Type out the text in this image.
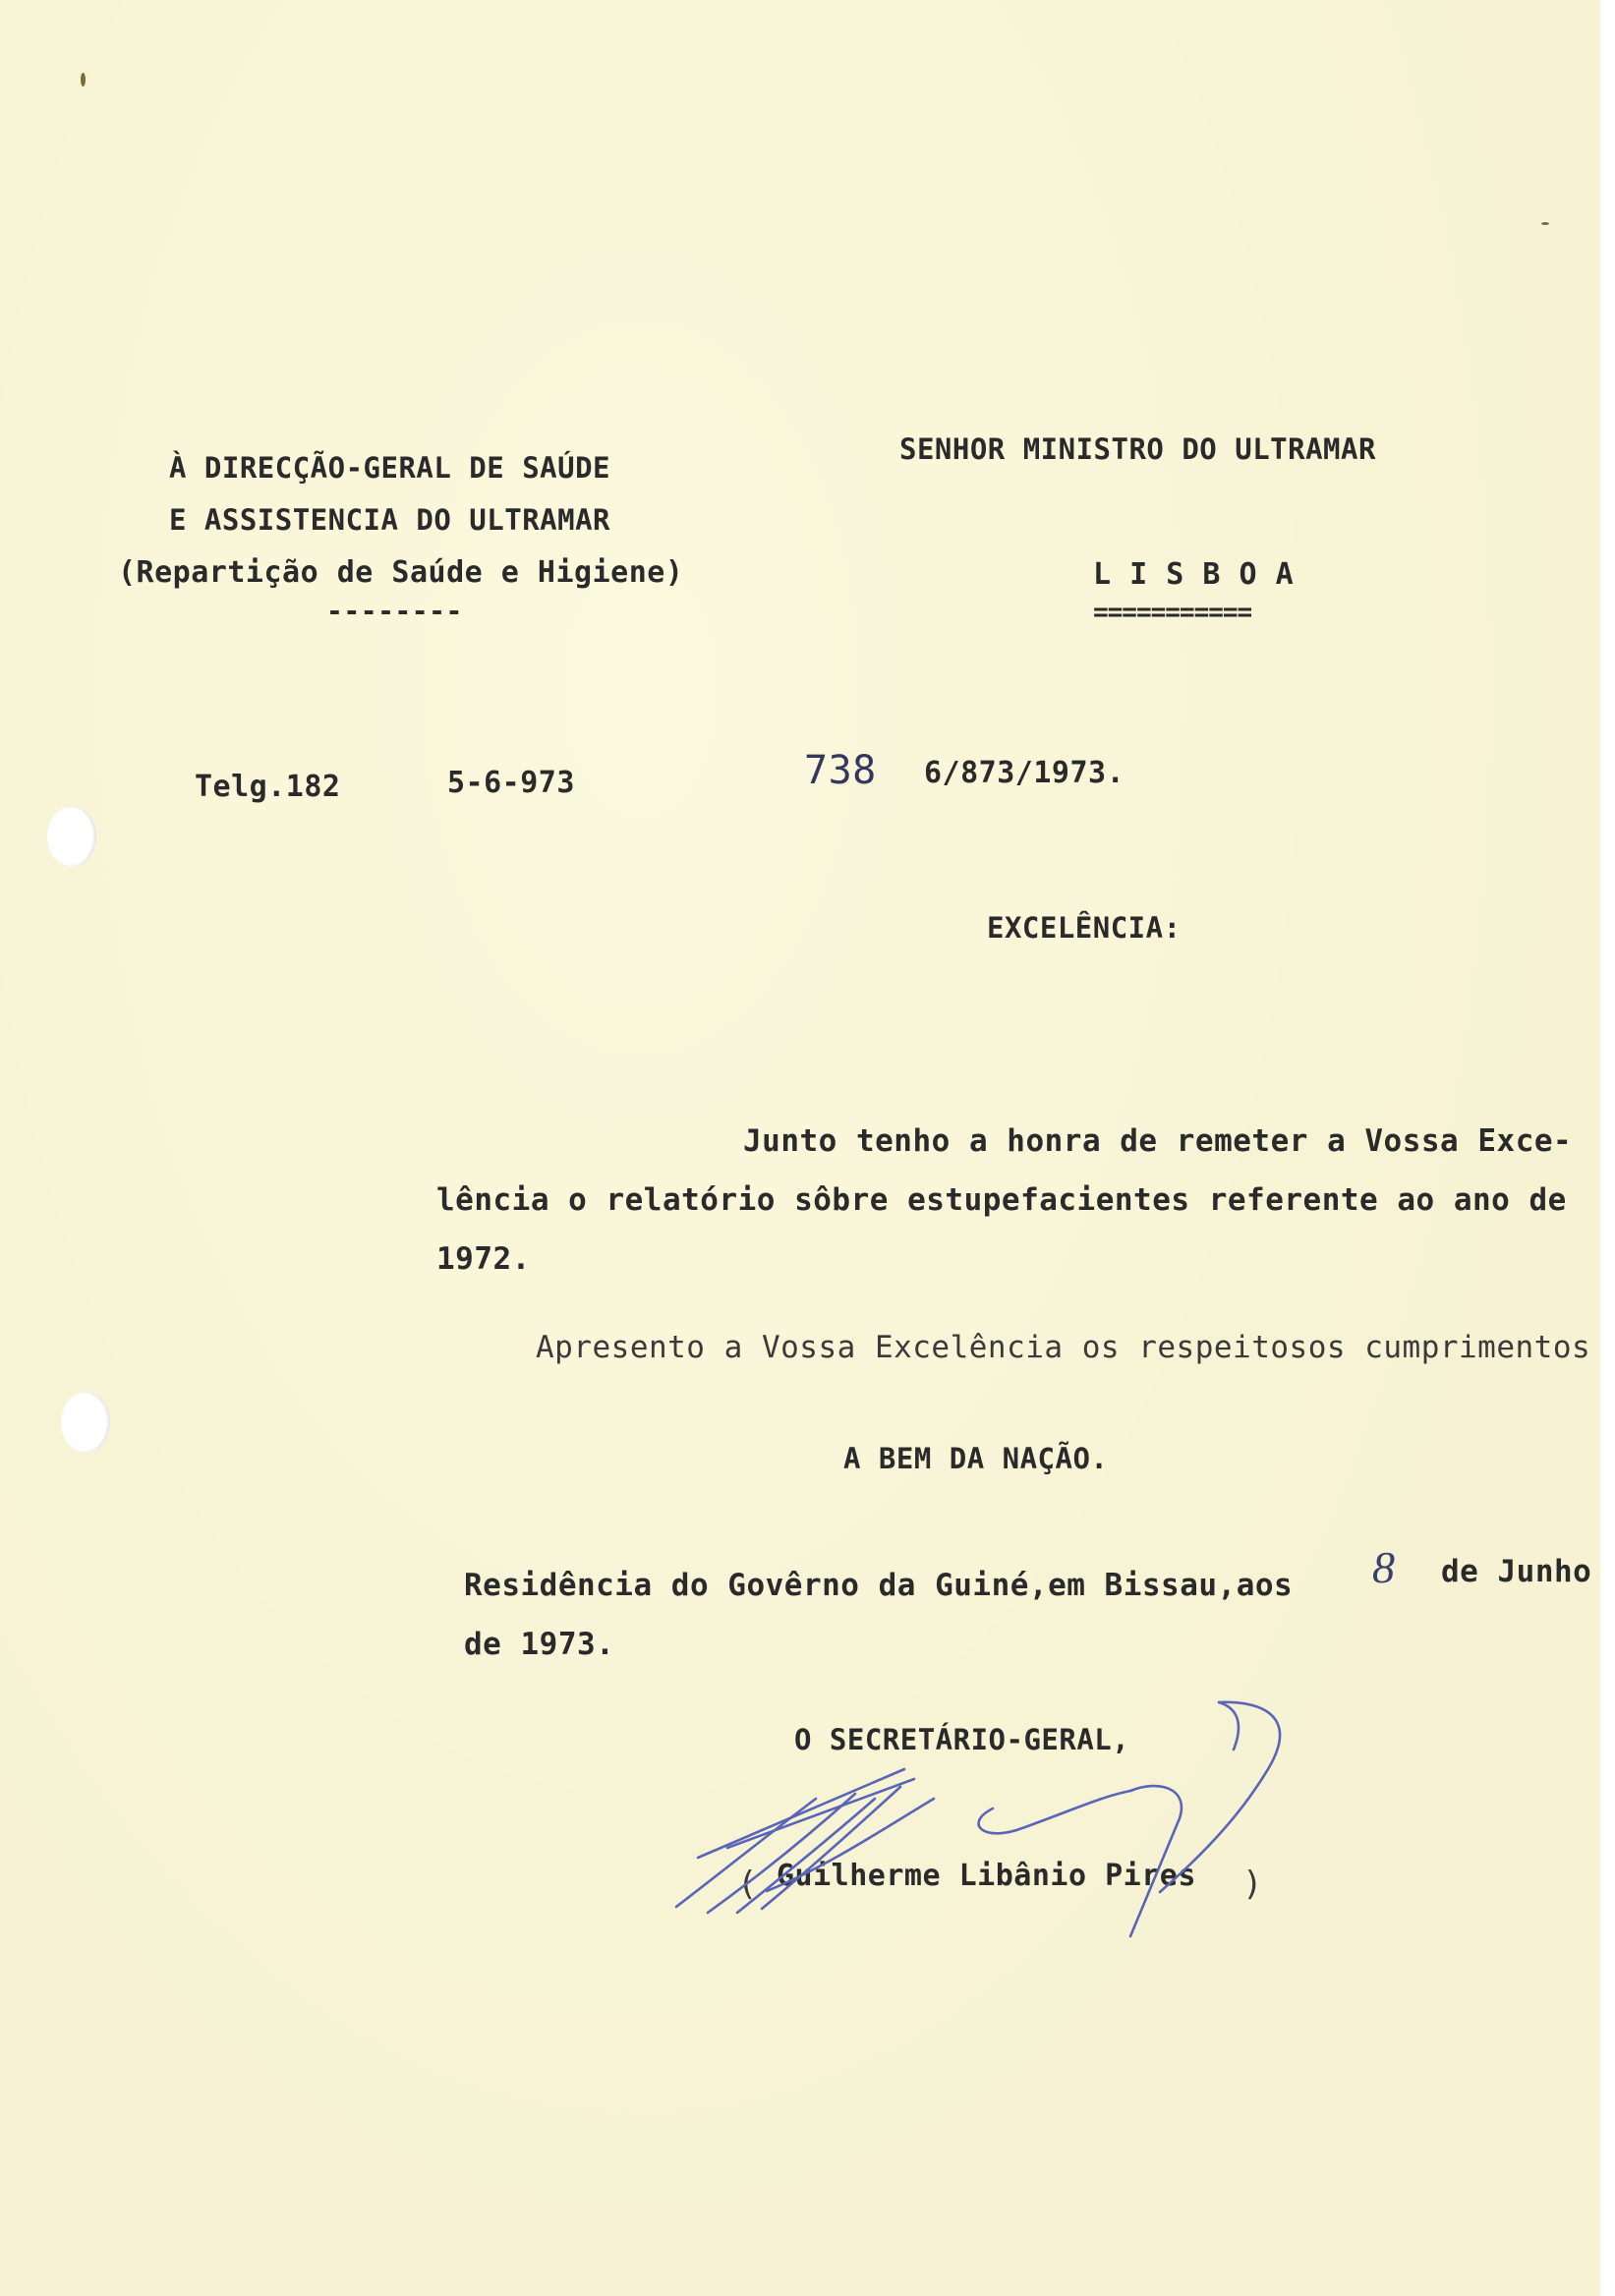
À DIRECÇÃO-GERAL DE SAÚDE
E ASSISTENCIA DO ULTRAMAR
(Repartição de Saúde e Higiene)
--------
SENHOR MINISTRO DO ULTRAMAR
L I S B O A
===========
Telg.182	5-6-973	738 6/873/1973.
EXCELÊNCIA:
Junto tenho a honra de remeter a Vossa Exce-
lência o relatório sôbre estupefacientes referente ao ano de
1972.
Apresento a Vossa Excelência os respeitosos cumprimentos
A BEM DA NAÇÃO.
Residência do Govêrno da Guiné,em Bissau,aos 8 de Junho
de 1973.
O SECRETÁRIO-GERAL,
( Guilherme Libânio Pires )
